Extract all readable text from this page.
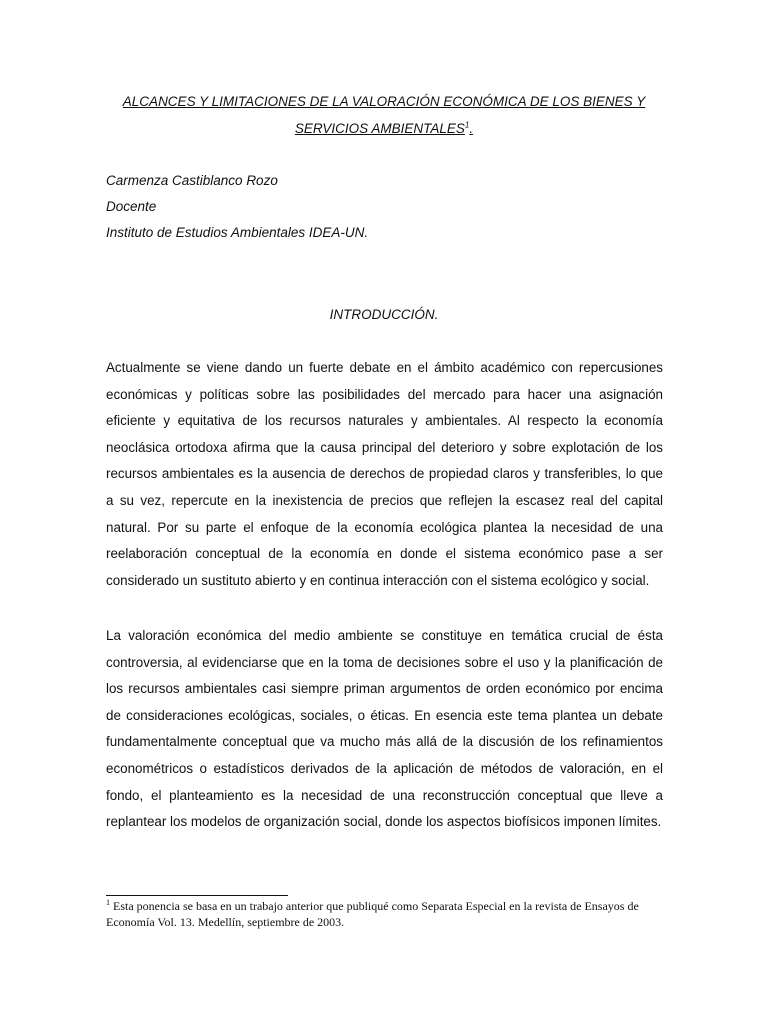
ALCANCES Y LIMITACIONES DE LA VALORACIÓN ECONÓMICA DE LOS BIENES Y
SERVICIOS AMBIENTALES$^1$.

Carmenza Castiblanco Rozo

Docente

Instituto de Estudios Ambientales IDEA-UN.

INTRODUCCIÓN.

Actualmente se viene dando un fuerte debate en el ámbito académico con repercusiones económicas y políticas sobre las posibilidades del mercado para hacer una asignación eficiente y equitativa de los recursos naturales y ambientales. Al respecto la economía neoclásica ortodoxa afirma que la causa principal del deterioro y sobre explotación de los recursos ambientales es la ausencia de derechos de propiedad claros y transferibles, lo que a su vez, repercute en la inexistencia de precios que reflejen la escasez real del capital natural. Por su parte el enfoque de la economía ecológica plantea la necesidad de una reelaboración conceptual de la economía en donde el sistema económico pase a ser considerado un sustituto abierto y en continua interacción con el sistema ecológico y social.

La valoración económica del medio ambiente se constituye en temática crucial de ésta controversia, al evidenciarse que en la toma de decisiones sobre el uso y la planificación de los recursos ambientales casi siempre priman argumentos de orden económico por encima de consideraciones ecológicas, sociales, o éticas. En esencia este tema plantea un debate fundamentalmente conceptual que va mucho más allá de la discusión de los refinamientos econométricos o estadísticos derivados de la aplicación de métodos de valoración, en el fondo, el planteamiento es la necesidad de una reconstrucción conceptual que lleve a replantear los modelos de organización social, donde los aspectos biofísicos imponen límites.

$^1$ Esta ponencia se basa en un trabajo anterior que publiqué como Separata Especial en la revista de Ensayos de Economía Vol. 13. Medellín, septiembre de 2003.
